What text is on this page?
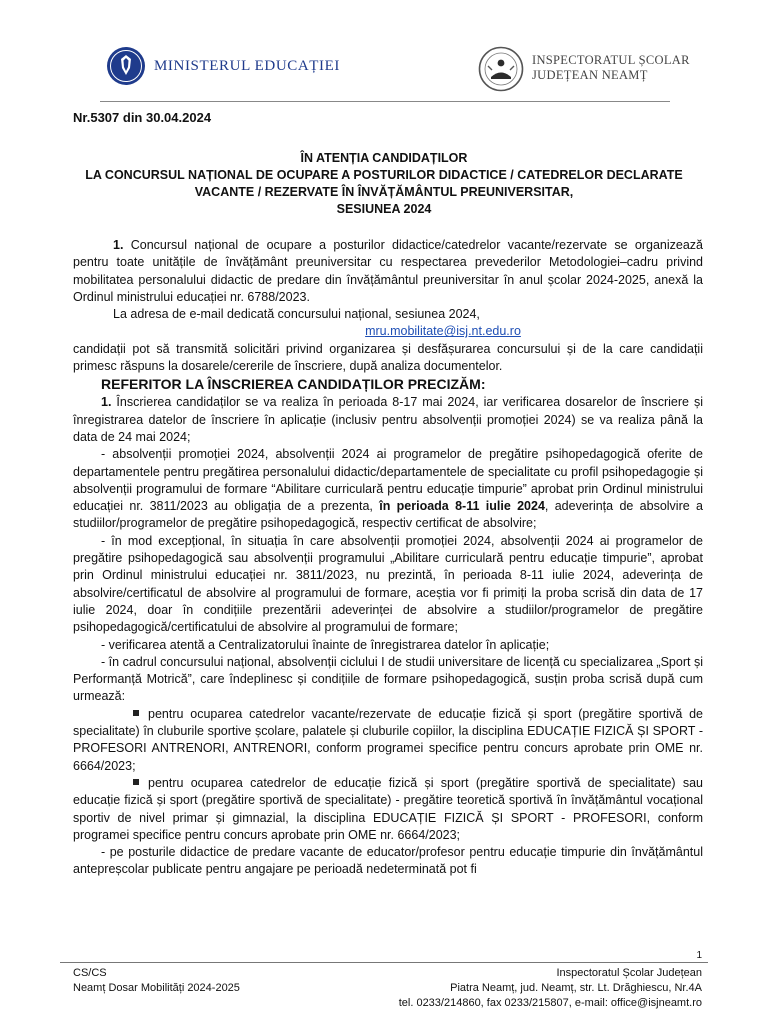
MINISTERUL EDUCAȚIEI	INSPECTORATUL ȘCOLAR
JUDEȚEAN NEAMȚ
Nr.5307 din 30.04.2024
ÎN ATENȚIA CANDIDAȚILOR
LA CONCURSUL NAȚIONAL DE OCUPARE A POSTURILOR DIDACTICE / CATEDRELOR DECLARATE
VACANTE / REZERVATE ÎN ÎNVĂȚĂMÂNTUL PREUNIVERSITAR,
SESIUNEA 2024

1. Concursul național de ocupare a posturilor didactice/catedrelor vacante/rezervate se organizează pentru toate unitățile de învățământ preuniversitar cu respectarea prevederilor Metodologiei–cadru privind mobilitatea personalului didactic de predare din învățământul preuniversitar în anul școlar 2024-2025, anexă la Ordinul ministrului educației nr. 6788/2023.

La adresa de e-mail dedicată concursului național, sesiunea 2024,

mru.mobilitate@isj.nt.edu.ro

candidații pot să transmită solicitări privind organizarea și desfășurarea concursului și de la care candidații primesc răspuns la dosarele/cererile de înscriere, după analiza documentelor.

REFERITOR LA ÎNSCRIEREA CANDIDAȚILOR PRECIZĂM:

1. Înscrierea candidaților se va realiza în perioada 8-17 mai 2024, iar verificarea dosarelor de înscriere și înregistrarea datelor de înscriere în aplicație (inclusiv pentru absolvenții promoției 2024) se va realiza până la data de 24 mai 2024;

- absolvenții promoției 2024, absolvenții 2024 ai programelor de pregătire psihopedagogică oferite de departamentele pentru pregătirea personalului didactic/departamentele de specialitate cu profil psihopedagogie și absolvenții programului de formare “Abilitare curriculară pentru educație timpurie” aprobat prin Ordinul ministrului educației nr. 3811/2023 au obligația de a prezenta, în perioada 8-11 iulie 2024, adeverința de absolvire a studiilor/programelor de pregătire psihopedagogică, respectiv certificat de absolvire;

- în mod excepțional, în situația în care absolvenții promoției 2024, absolvenții 2024 ai programelor de pregătire psihopedagogică sau absolvenții programului „Abilitare curriculară pentru educație timpurie”, aprobat prin Ordinul ministrului educației nr. 3811/2023, nu prezintă, în perioada 8-11 iulie 2024, adeverința de absolvire/certificatul de absolvire al programului de formare, aceștia vor fi primiți la proba scrisă din data de 17 iulie 2024, doar în condițiile prezentării adeverinței de absolvire a studiilor/programelor de pregătire psihopedagogică/certificatului de absolvire al programului de formare;

- verificarea atentă a Centralizatorului înainte de înregistrarea datelor în aplicație;

- în cadrul concursului național, absolvenții ciclului I de studii universitare de licență cu specializarea „Sport și Performanță Motrică”, care îndeplinesc și condițiile de formare psihopedagogică, susțin proba scrisă după cum urmează:

pentru ocuparea catedrelor vacante/rezervate de educație fizică și sport (pregătire sportivă de specialitate) în cluburile sportive școlare, palatele și cluburile copiilor, la disciplina EDUCAȚIE FIZICĂ ȘI SPORT - PROFESORI ANTRENORI, ANTRENORI, conform programei specifice pentru concurs aprobate prin OME nr. 6664/2023;

pentru ocuparea catedrelor de educație fizică și sport (pregătire sportivă de specialitate) sau educație fizică și sport (pregătire sportivă de specialitate) - pregătire teoretică sportivă în învățământul vocațional sportiv de nivel primar și gimnazial, la disciplina EDUCAȚIE FIZICĂ ȘI SPORT - PROFESORI, conform programei specifice pentru concurs aprobate prin OME nr. 6664/2023;

- pe posturile didactice de predare vacante de educator/profesor pentru educație timpurie din învățământul antepreșcolar publicate pentru angajare pe perioadă nedeterminată pot fi

1
CS/CS
Neamț Dosar Mobilități 2024-2025
Inspectoratul Școlar Județean
Piatra Neamț, jud. Neamț, str. Lt. Drăghiescu, Nr.4A
tel. 0233/214860, fax 0233/215807, e-mail: office@isjneamt.ro
